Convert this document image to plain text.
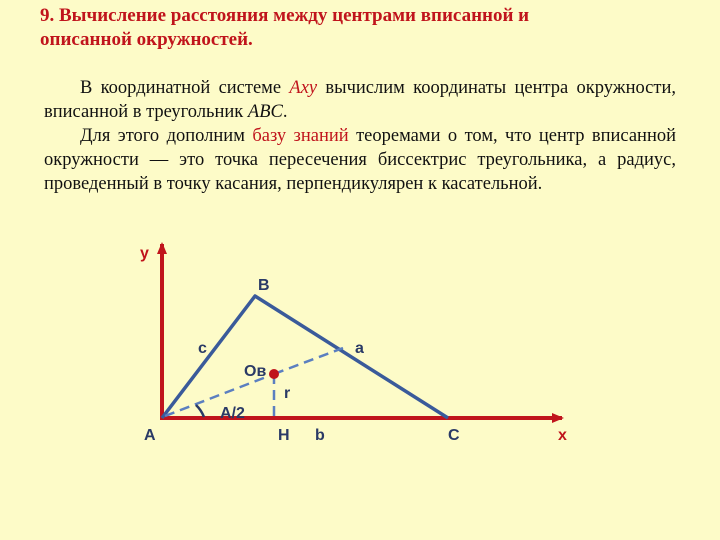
9. Вычисление расстояния между центрами вписанной и
описанной окружностей.

В координатной системе Axy вычислим координаты центра окружности, вписанной в треугольник ABC.
Для этого дополним базу знаний теоремами о том, что центр вписанной окружности — это точка пересечения биссектрис треугольника, а радиус, проведенный в точку касания, перпендикулярен к касательной.

y
x
B
A	C
c	a
b
Oв
r
H
A/2
